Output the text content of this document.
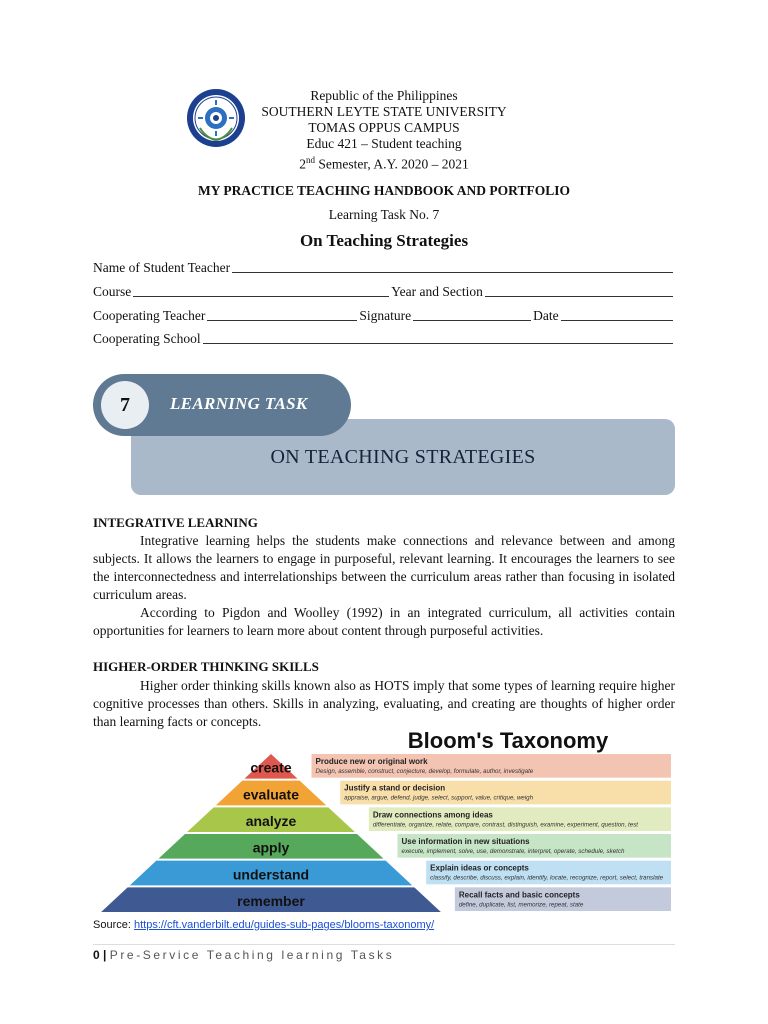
Republic of the Philippines
SOUTHERN LEYTE STATE UNIVERSITY
TOMAS OPPUS CAMPUS
Educ 421 – Student teaching
2nd Semester, A.Y. 2020 – 2021
MY PRACTICE TEACHING HANDBOOK AND PORTFOLIO
Learning Task No. 7
On Teaching Strategies
Name of Student Teacher
Course	Year and Section
Cooperating Teacher	Signature	Date
Cooperating School
ON TEACHING STRATEGIES
7	LEARNING TASK
INTEGRATIVE LEARNING

Integrative learning helps the students make connections and relevance between and among subjects. It allows the learners to engage in purposeful, relevant learning. It encourages the learners to see the interconnectedness and interrelationships between the curriculum areas rather than focusing in isolated curriculum areas.

According to Pigdon and Woolley (1992) in an integrated curriculum, all activities contain opportunities for learners to learn more about content through purposeful activities.

HIGHER-ORDER THINKING SKILLS

Higher order thinking skills known also as HOTS imply that some types of learning require higher cognitive processes than others. Skills in analyzing, evaluating, and creating are thoughts of higher order than learning facts or concepts.

Bloom's Taxonomy
create	Produce new or original work
Design, assemble, construct, conjecture, develop, formulate, author, investigate
evaluate	Justify a stand or decision
appraise, argue, defend, judge, select, support, value, critique, weigh
analyze	Draw connections among ideas
differentiate, organize, relate, compare, contrast, distinguish, examine, experiment, question, test
apply	Use information in new situations
execute, implement, solve, use, demonstrate, interpret, operate, schedule, sketch
understand	Explain ideas or concepts
classify, describe, discuss, explain, identify, locate, recognize, report, select, translate
remember	Recall facts and basic concepts
define, duplicate, list, memorize, repeat, state
Source: https://cft.vanderbilt.edu/guides-sub-pages/blooms-taxonomy/
0 | Pre-Service Teaching learning Tasks
